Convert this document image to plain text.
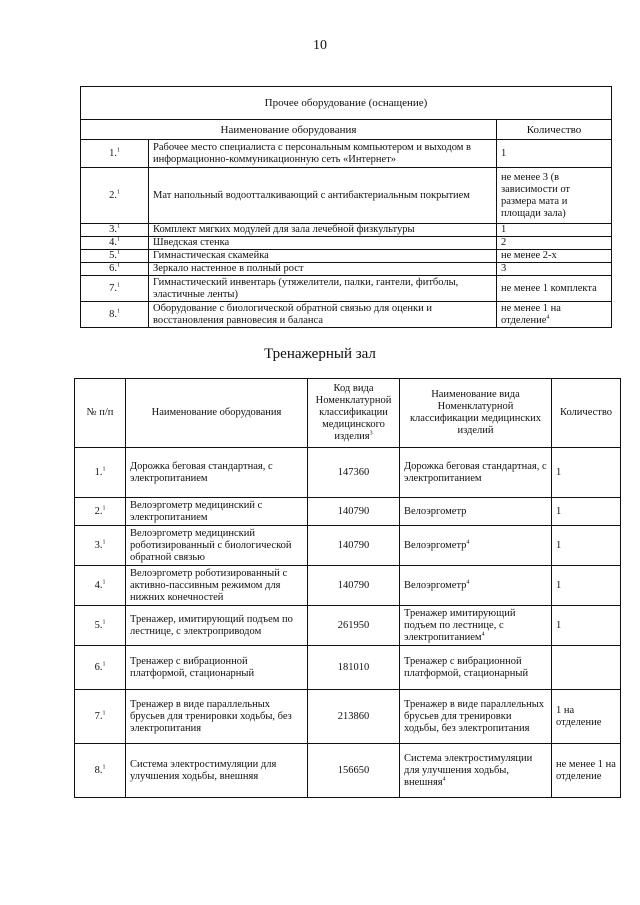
10
Прочее оборудование (оснащение)		
Наименование оборудования		Количество
1.$^1$	Рабочее место специалиста с персональным компьютером и выходом в информационно-коммуникационную сеть «Интернет»	1
2.$^1$	Мат напольный водоотталкивающий с антибактериальным покрытием	не менее 3 (в зависимости от размера мата и площади зала)
3.$^1$	Комплект мягких модулей для зала лечебной физкультуры	1
4.$^1$	Шведская стенка	2
5.$^1$	Гимнастическая скамейка	не менее 2-х
6.$^1$	Зеркало настенное в полный рост	3
7.$^1$	Гимнастический инвентарь (утяжелители, палки, гантели, фитболы, эластичные ленты)	не менее 1 комплекта
8.$^1$	Оборудование с биологической обратной связью для оценки и восстановления равновесия и баланса	не менее 1 на отделение$^4$
Тренажерный зал
№ п/п	Наименование оборудования	Код вида Номенклатурной классификации медицинского изделия$^3$	Наименование вида Номенклатурной классификации медицинских изделий	Количество
1.$^1$	Дорожка беговая стандартная, с электропитанием	147360	Дорожка беговая стандартная, с электропитанием	1
2.$^1$	Велоэргометр медицинский с электропитанием	140790	Велоэргометр	1
3.$^1$	Велоэргометр медицинский роботизированный с биологической обратной связью	140790	Велоэргометр$^4$	1
4.$^1$	Велоэргометр роботизированный с активно-пассивным режимом для нижних конечностей	140790	Велоэргометр$^4$	1
5.$^1$	Тренажер, имитирующий подъем по лестнице, с электроприводом	261950	Тренажер имитирующий подъем по лестнице, с электропитанием$^4$	1
6.$^1$	Тренажер с вибрационной платформой, стационарный	181010	Тренажер с вибрационной платформой, стационарный	
7.$^1$	Тренажер в виде параллельных брусьев для тренировки ходьбы, без электропитания	213860	Тренажер в виде параллельных брусьев для тренировки ходьбы, без электропитания	1 на отделение
8.$^1$	Система электростимуляции для улучшения ходьбы, внешняя	156650	Система электростимуляции для улучшения ходьбы, внешняя$^4$	не менее 1 на отделение
